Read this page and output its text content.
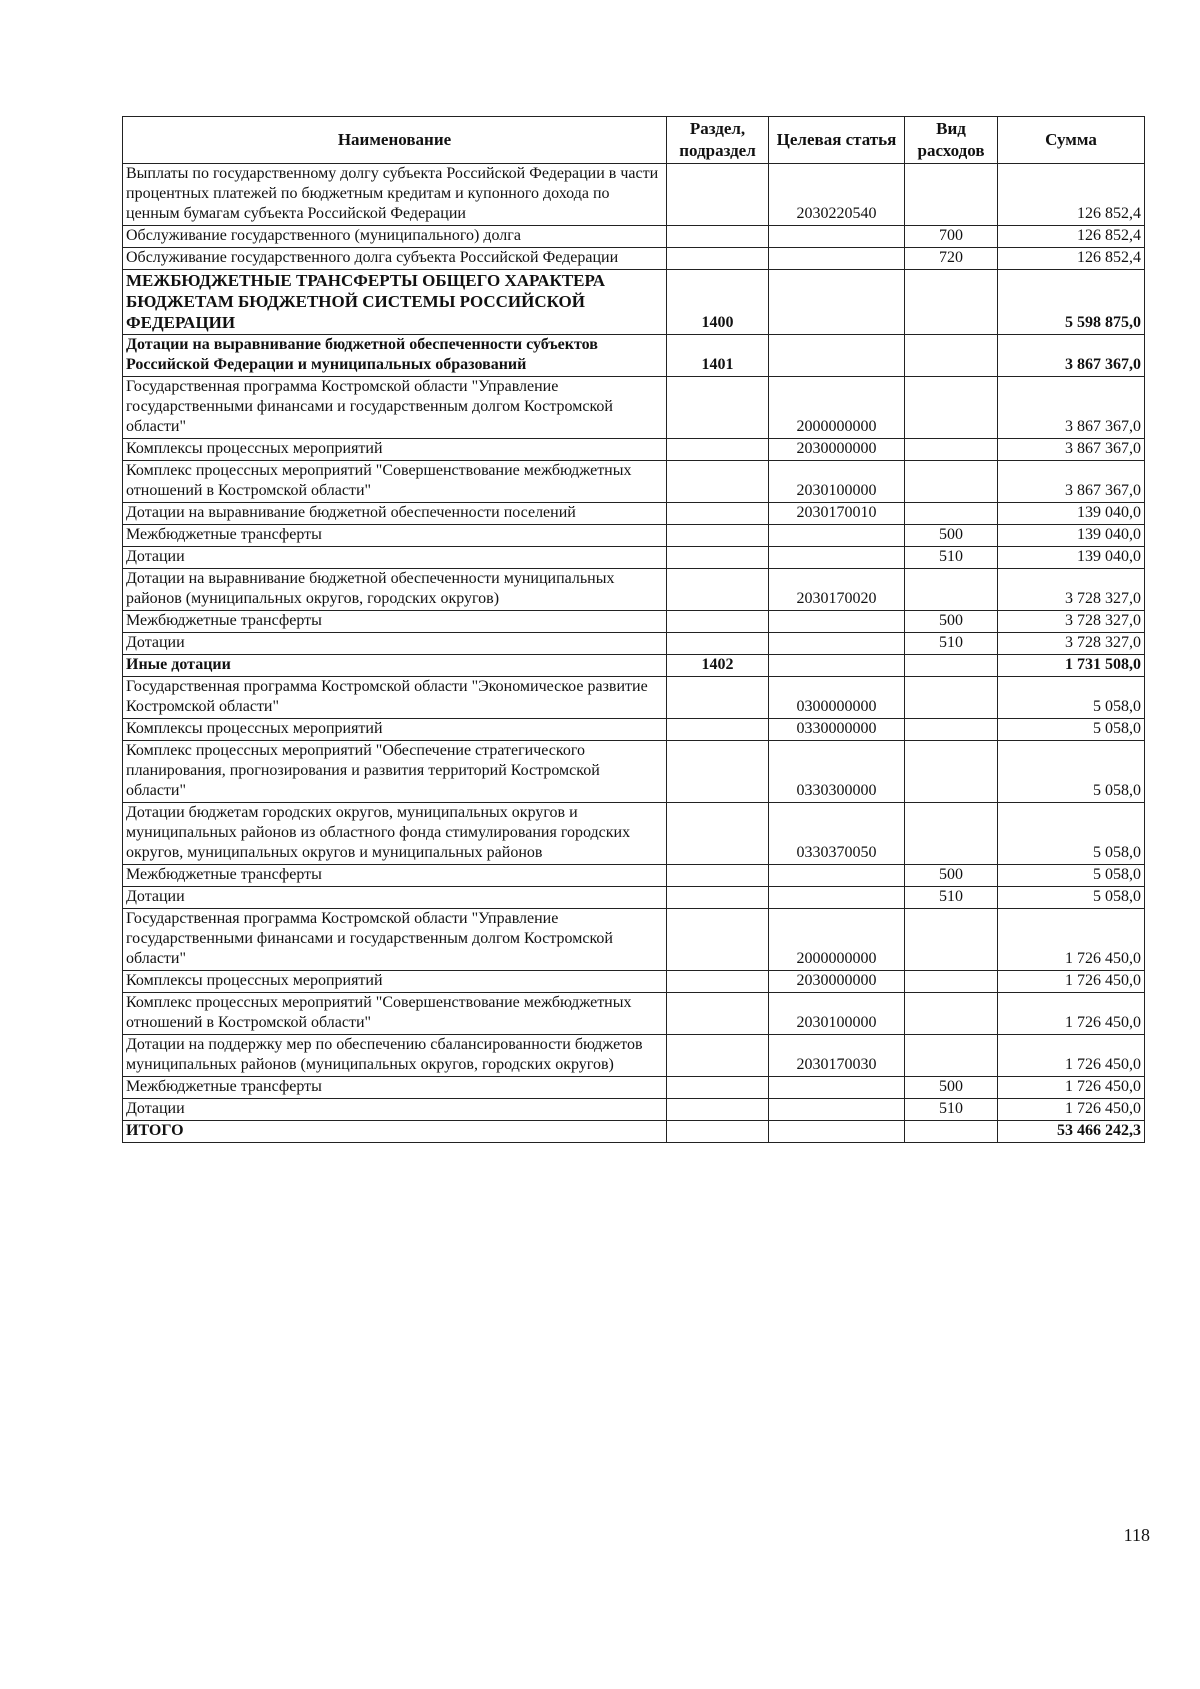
Наименование	Раздел, подраздел	Целевая статья	Вид расходов	Сумма
Выплаты по государственному долгу субъекта Российской Федерации в части процентных платежей по бюджетным кредитам и купонного дохода по ценным бумагам субъекта Российской Федерации		2030220540		126 852,4
Обслуживание государственного (муниципального) долга			700	126 852,4
Обслуживание государственного долга субъекта Российской Федерации			720	126 852,4
МЕЖБЮДЖЕТНЫЕ ТРАНСФЕРТЫ ОБЩЕГО ХАРАКТЕРА БЮДЖЕТАМ БЮДЖЕТНОЙ СИСТЕМЫ РОССИЙСКОЙ ФЕДЕРАЦИИ	1400			5 598 875,0
Дотации на выравнивание бюджетной обеспеченности субъектов Российской Федерации и муниципальных образований	1401			3 867 367,0
Государственная программа Костромской области "Управление государственными финансами и государственным долгом Костромской области"		2000000000		3 867 367,0
Комплексы процессных мероприятий		2030000000		3 867 367,0
Комплекс процессных мероприятий "Совершенствование межбюджетных отношений в Костромской области"		2030100000		3 867 367,0
Дотации на выравнивание бюджетной обеспеченности поселений		2030170010		139 040,0
Межбюджетные трансферты			500	139 040,0
Дотации			510	139 040,0
Дотации на выравнивание бюджетной обеспеченности муниципальных районов (муниципальных округов, городских округов)		2030170020		3 728 327,0
Межбюджетные трансферты			500	3 728 327,0
Дотации			510	3 728 327,0
Иные дотации	1402			1 731 508,0
Государственная программа Костромской области "Экономическое развитие Костромской области"		0300000000		5 058,0
Комплексы процессных мероприятий		0330000000		5 058,0
Комплекс процессных мероприятий "Обеспечение стратегического планирования, прогнозирования и развития территорий Костромской области"		0330300000		5 058,0
Дотации бюджетам городских округов, муниципальных округов и муниципальных районов из областного фонда стимулирования городских округов, муниципальных округов и муниципальных районов		0330370050		5 058,0
Межбюджетные трансферты			500	5 058,0
Дотации			510	5 058,0
Государственная программа Костромской области "Управление государственными финансами и государственным долгом Костромской области"		2000000000		1 726 450,0
Комплексы процессных мероприятий		2030000000		1 726 450,0
Комплекс процессных мероприятий "Совершенствование межбюджетных отношений в Костромской области"		2030100000		1 726 450,0
Дотации на поддержку мер по обеспечению сбалансированности бюджетов муниципальных районов (муниципальных округов, городских округов)		2030170030		1 726 450,0
Межбюджетные трансферты			500	1 726 450,0
Дотации			510	1 726 450,0
ИТОГО				53 466 242,3
118
